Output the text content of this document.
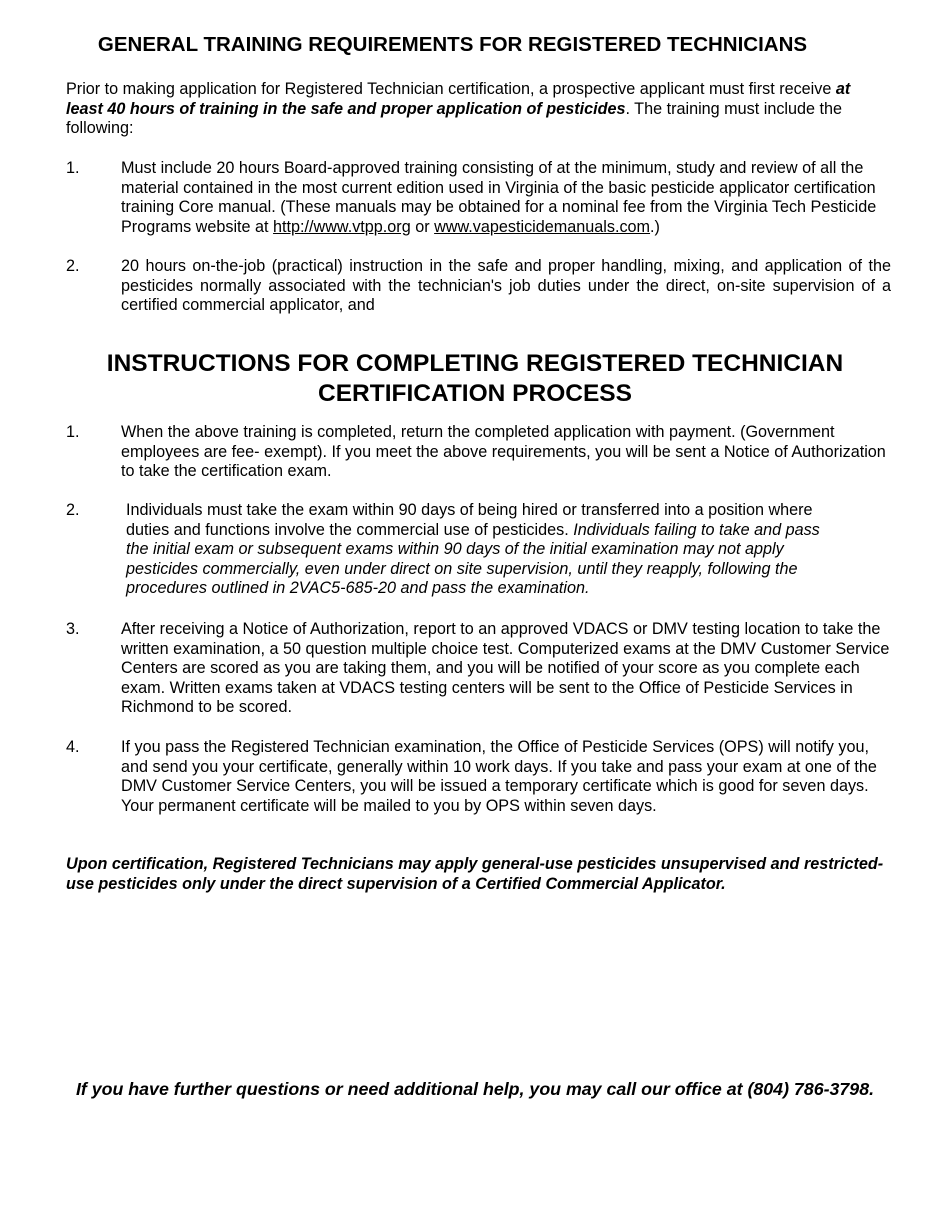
GENERAL TRAINING REQUIREMENTS FOR REGISTERED TECHNICIANS

Prior to making application for Registered Technician certification, a prospective applicant must first receive at least 40 hours of training in the safe and proper application of pesticides. The training must include the following:

1.	Must include 20 hours Board-approved training consisting of at the minimum, study and review of all the material contained in the most current edition used in Virginia of the basic pesticide applicator certification training Core manual. (These manuals may be obtained for a nominal fee from the Virginia Tech Pesticide Programs website at http://www.vtpp.org or www.vapesticidemanuals.com.)
2.	20 hours on-the-job (practical) instruction in the safe and proper handling, mixing, and application of the pesticides normally associated with the technician's job duties under the direct, on-site supervision of a certified commercial applicator, and
INSTRUCTIONS FOR COMPLETING REGISTERED TECHNICIAN
CERTIFICATION PROCESS
1.	When the above training is completed, return the completed application with payment. (Government employees are fee- exempt). If you meet the above requirements, you will be sent a Notice of Authorization to take the certification exam.
2.	Individuals must take the exam within 90 days of being hired or transferred into a position where duties and functions involve the commercial use of pesticides. Individuals failing to take and pass the initial exam or subsequent exams within 90 days of the initial examination may not apply pesticides commercially, even under direct on site supervision, until they reapply, following the procedures outlined in 2VAC5-685-20 and pass the examination.
3.	After receiving a Notice of Authorization, report to an approved VDACS or DMV testing location to take the written examination, a 50 question multiple choice test. Computerized exams at the DMV Customer Service Centers are scored as you are taking them, and you will be notified of your score as you complete each exam. Written exams taken at VDACS testing centers will be sent to the Office of Pesticide Services in Richmond to be scored.
4.	If you pass the Registered Technician examination, the Office of Pesticide Services (OPS) will notify you, and send you your certificate, generally within 10 work days. If you take and pass your exam at one of the DMV Customer Service Centers, you will be issued a temporary certificate which is good for seven days. Your permanent certificate will be mailed to you by OPS within seven days.

Upon certification, Registered Technicians may apply general-use pesticides unsupervised and restricted-use pesticides only under the direct supervision of a Certified Commercial Applicator.

If you have further questions or need additional help, you may call our office at (804) 786-3798.
